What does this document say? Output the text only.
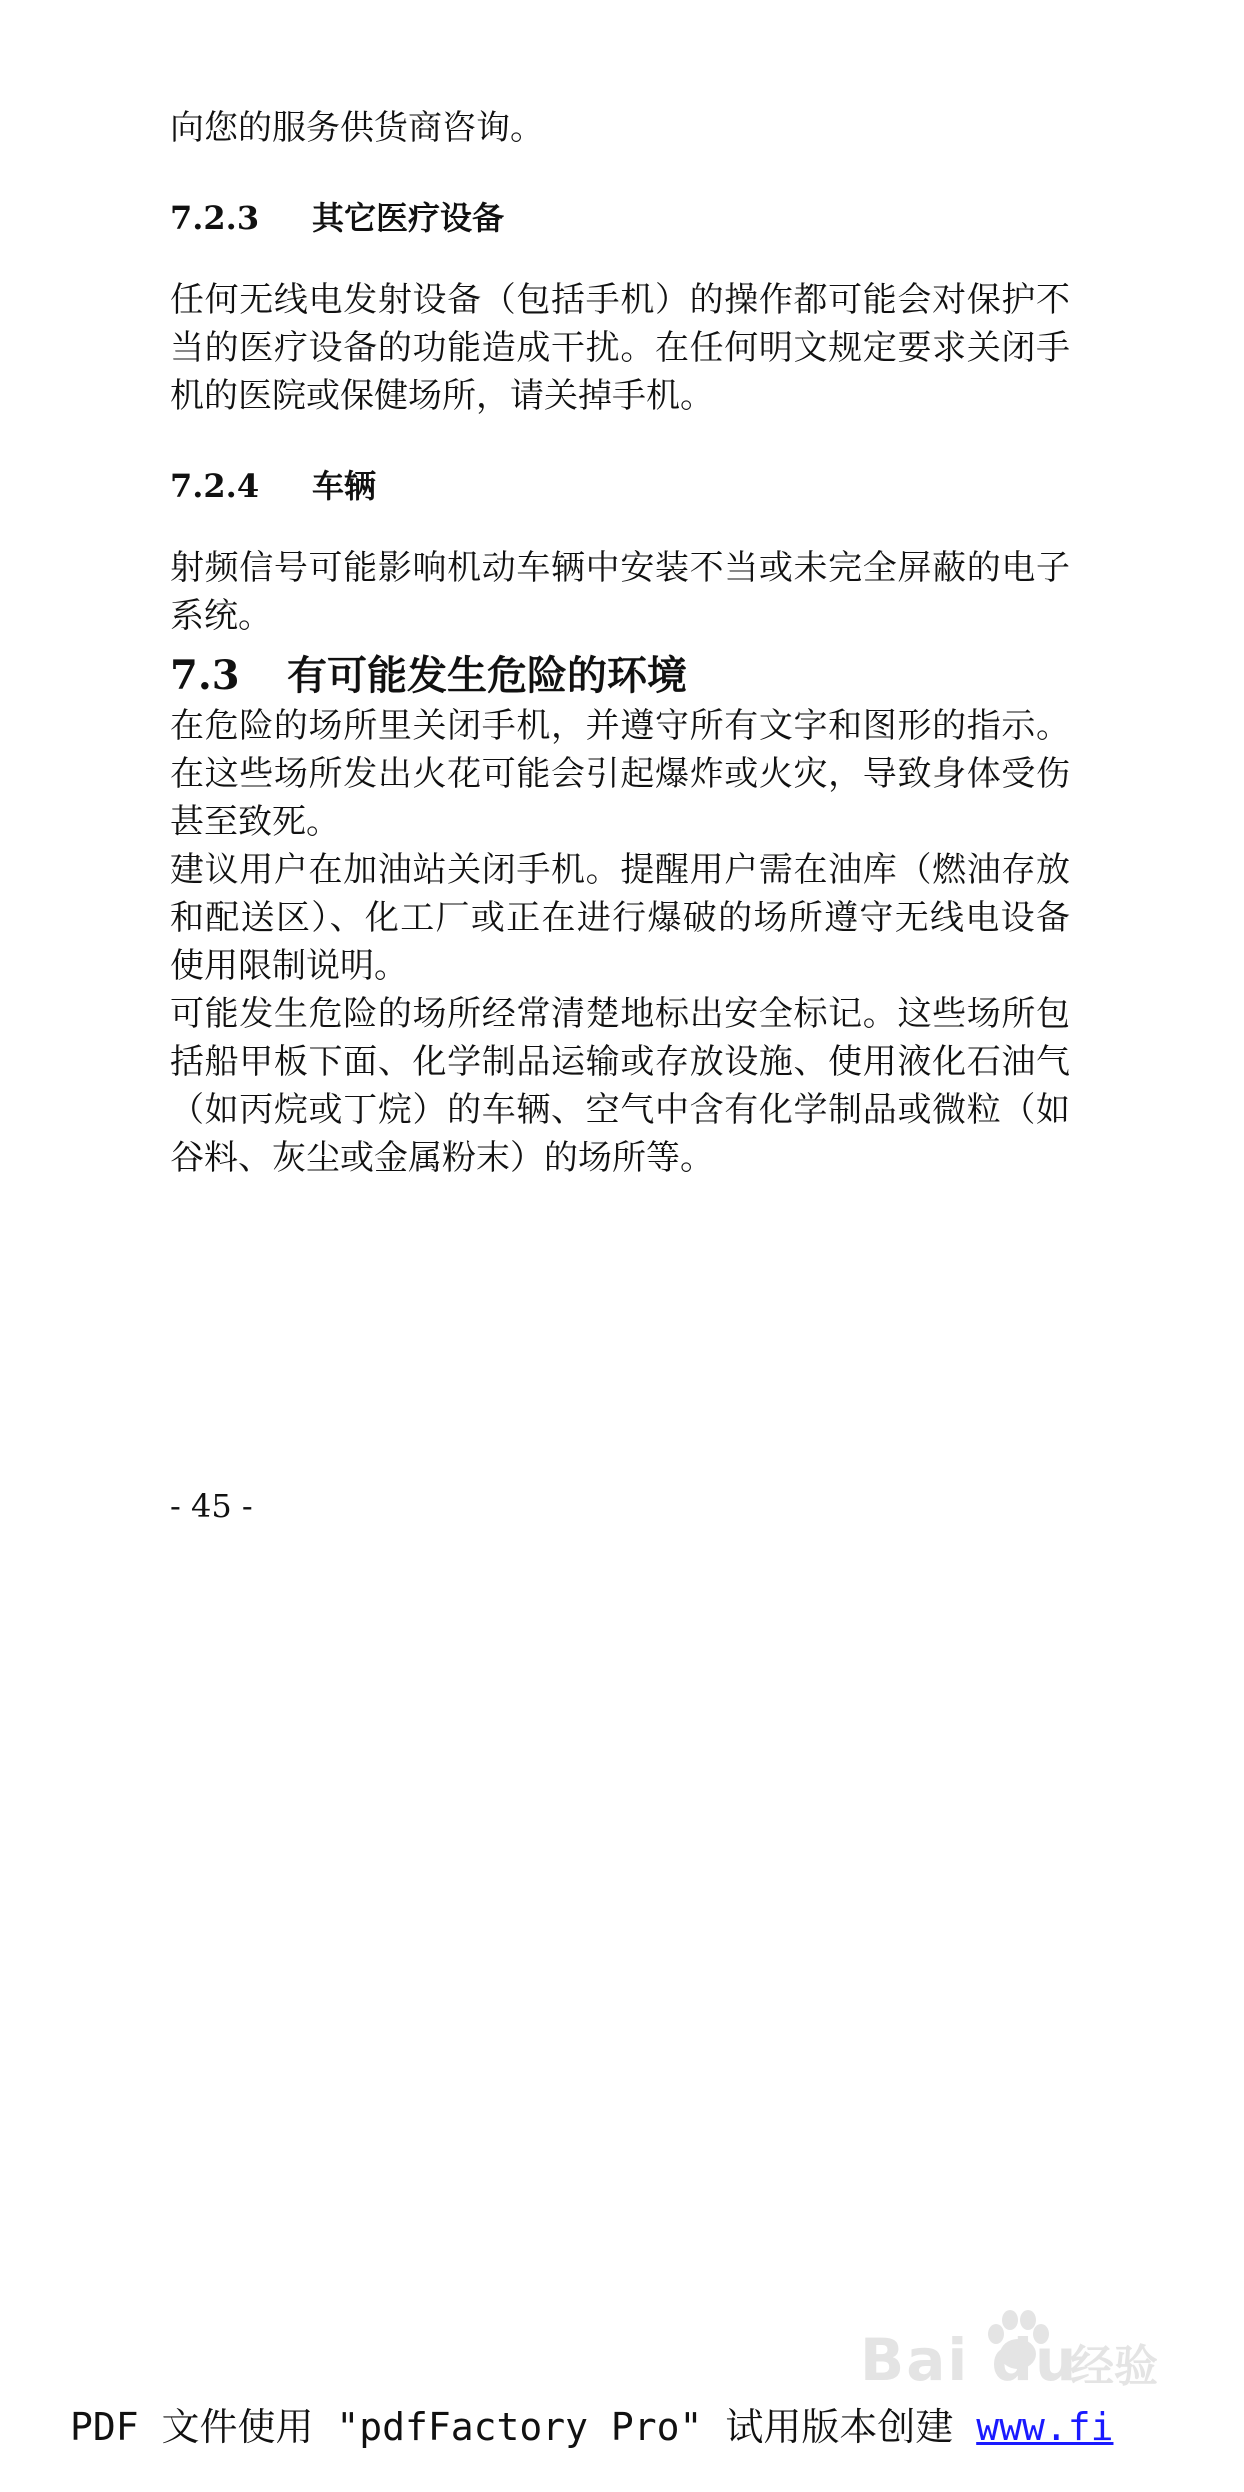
向您的服务供货商咨询。

7.2.3	其它医疗设备

任何无线电发射设备（包括手机）的操作都可能会对保护不当的医疗设备的功能造成干扰。在任何明文规定要求关闭手机的医院或保健场所，请关掉手机。

7.2.4	车辆

射频信号可能影响机动车辆中安装不当或未完全屏蔽的电子系统。

7.3	有可能发生危险的环境

在危险的场所里关闭手机，并遵守所有文字和图形的指示。在这些场所发出火花可能会引起爆炸或火灾，导致身体受伤甚至致死。

建议用户在加油站关闭手机。提醒用户需在油库（燃油存放和配送区）、化工厂或正在进行爆破的场所遵守无线电设备使用限制说明。

可能发生危险的场所经常清楚地标出安全标记。这些场所包括船甲板下面、化学制品运输或存放设施、使用液化石油气（如丙烷或丁烷）的车辆、空气中含有化学制品或微粒（如谷料、灰尘或金属粉末）的场所等。

- 45 -
Bai du
经验
PDF 文件使用 "pdfFactory Pro" 试用版本创建 www.fi
